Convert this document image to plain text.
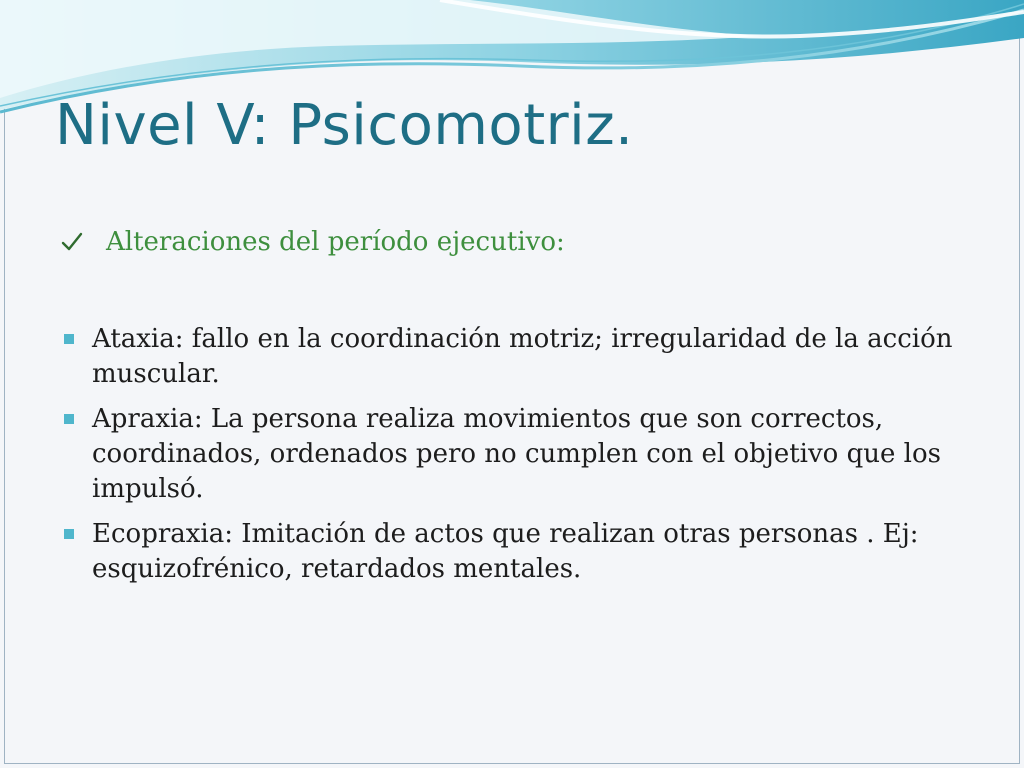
Nivel V: Psicomotriz.
Alteraciones del período ejecutivo:
Ataxia: fallo en la coordinación motriz; irregularidad de la acción muscular.
Apraxia: La persona realiza movimientos que son correctos, coordinados, ordenados pero no cumplen con el objetivo que los impulsó.
Ecopraxia: Imitación de actos que realizan otras personas . Ej: esquizofrénico, retardados mentales.
